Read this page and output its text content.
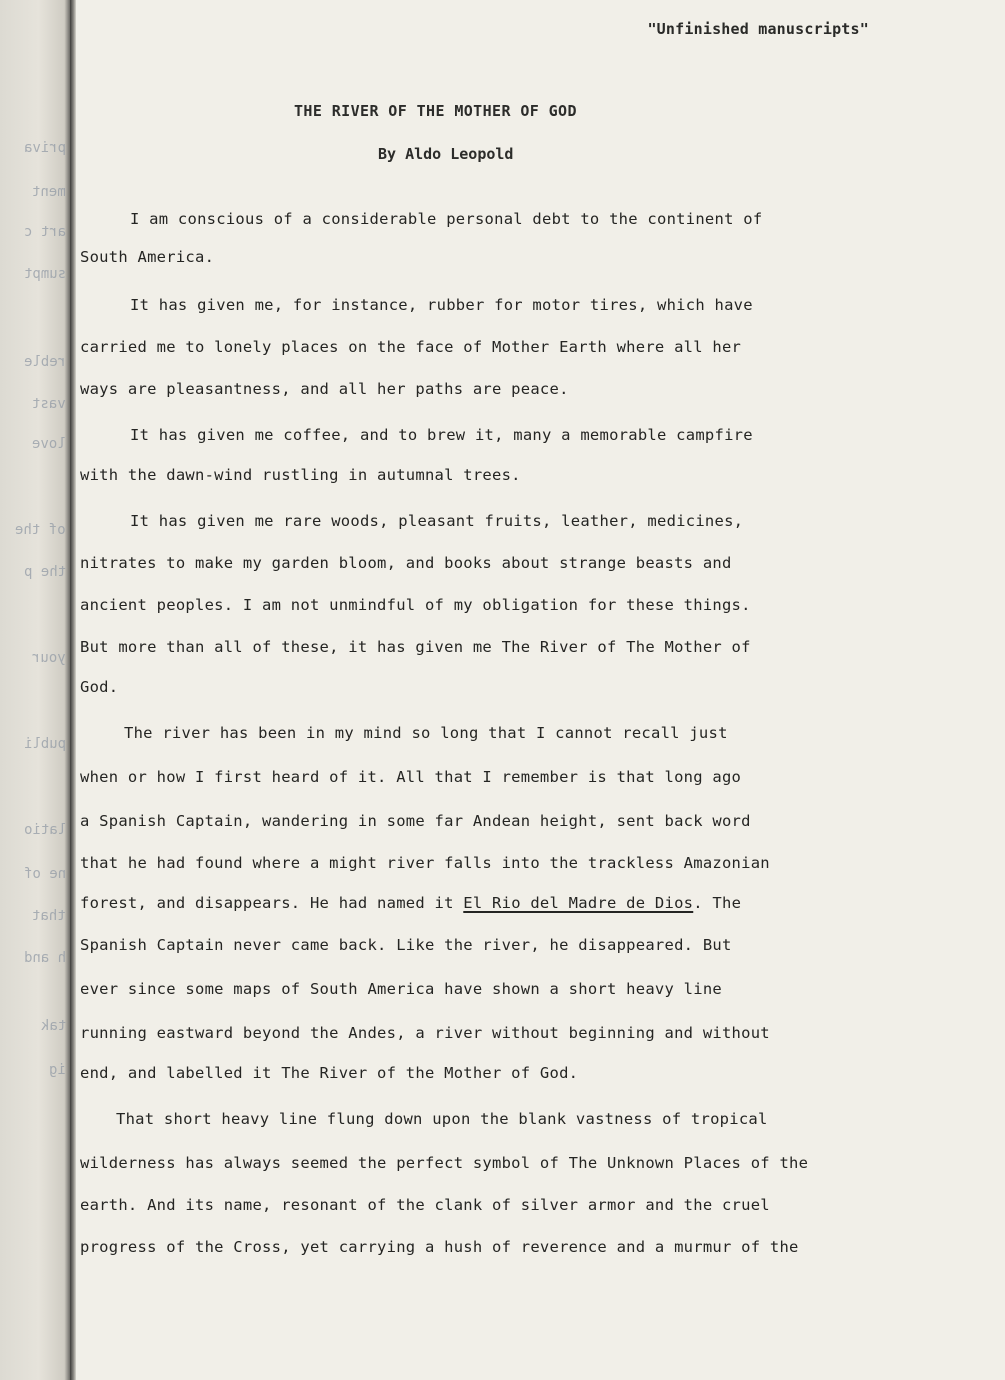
priva
ment
art c
sumpt
reble
vast
love
of the
the p
your
publi
latio
ne of
that
h and
tak
ig
"Unfinished manuscripts"
THE RIVER OF THE MOTHER OF GOD
By Aldo Leopold
I am conscious of a considerable personal debt to the continent of
South America.
It has given me, for instance, rubber for motor tires, which have
carried me to lonely places on the face of Mother Earth where all her
ways are pleasantness, and all her paths are peace.
It has given me coffee, and to brew it, many a memorable campfire
with the dawn-wind rustling in autumnal trees.
It has given me rare woods, pleasant fruits, leather, medicines,
nitrates to make my garden bloom, and books about strange beasts and
ancient peoples. I am not unmindful of my obligation for these things.
But more than all of these, it has given me The River of The Mother of
God.
The river has been in my mind so long that I cannot recall just
when or how I first heard of it. All that I remember is that long ago
a Spanish Captain, wandering in some far Andean height, sent back word
that he had found where a might river falls into the trackless Amazonian
forest, and disappears. He had named it El Rio del Madre de Dios. The
Spanish Captain never came back. Like the river, he disappeared. But
ever since some maps of South America have shown a short heavy line
running eastward beyond the Andes, a river without beginning and without
end, and labelled it The River of the Mother of God.
That short heavy line flung down upon the blank vastness of tropical
wilderness has always seemed the perfect symbol of The Unknown Places of the
earth. And its name, resonant of the clank of silver armor and the cruel
progress of the Cross, yet carrying a hush of reverence and a murmur of the
